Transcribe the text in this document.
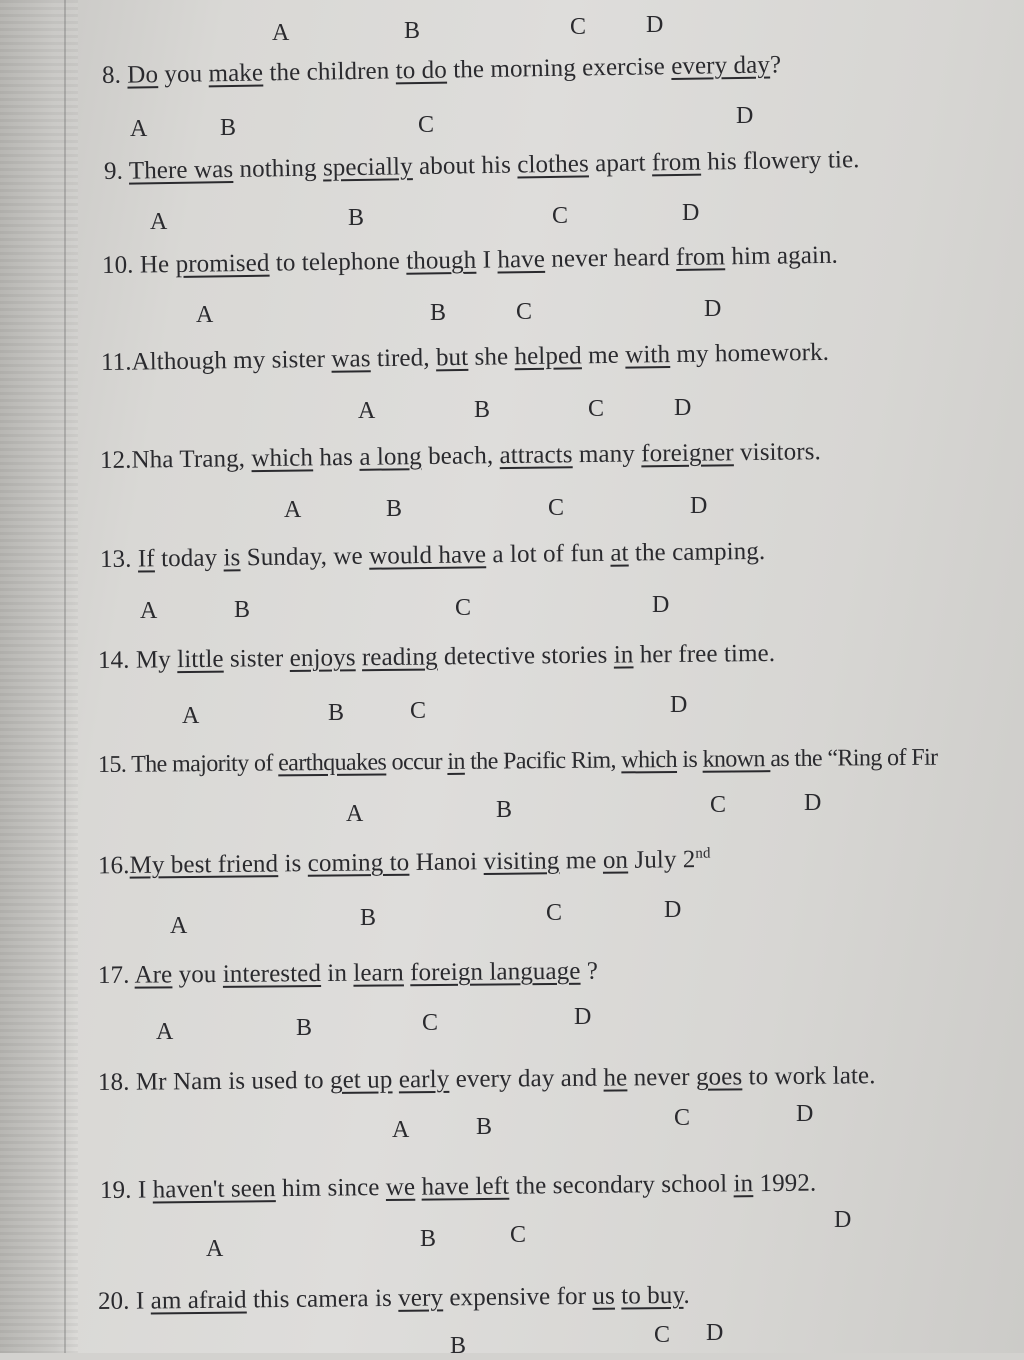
A	B	C D
8. Do you make the children to do the morning exercise every day?
A	B	C	D
9. There was nothing specially about his clothes apart from his flowery tie.
A	B	C	D
10. He promised to telephone though I have never heard from him again.
A	B	C	D
11.Although my sister was tired, but she helped me with my homework.
A	B	C	D
12.Nha Trang, which has a long beach, attracts many foreigner visitors.
A	B	C	D
13. If today is Sunday, we would have a lot of fun at the camping.
A	B	C	D
14. My little sister enjoys reading detective stories in her free time.
A	B	C	D
15. The majority of earthquakes occur in the Pacific Rim, which is known as the “Ring of Fir
A	B	C	D
16.My best friend is coming to Hanoi visiting me on July 2nd
A	B	C	D
17. Are you interested in learn foreign language ?
A	B	C	D
18. Mr Nam is used to get up early every day and he never goes to work late.
A	B	C	D
19. I haven't seen him since we have left the secondary school in 1992.
A	B	C
D
20. I am afraid this camera is very expensive for us to buy.
B	C D
